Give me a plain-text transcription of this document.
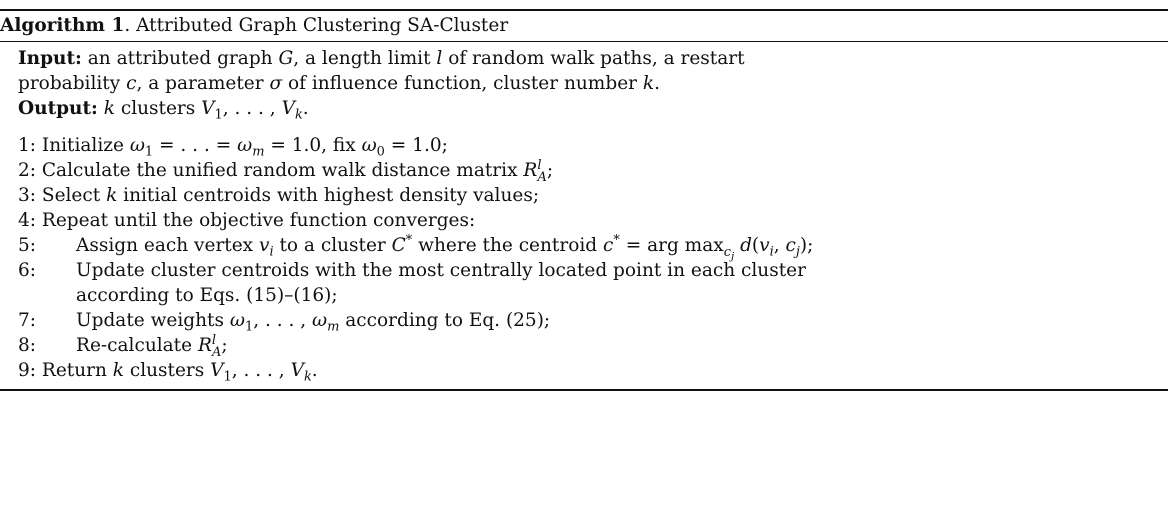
Algorithm 1. Attributed Graph Clustering SA-Cluster
Input: an attributed graph G, a length limit l of random walk paths, a restart
probability c, a parameter σ of influence function, cluster number k.
Output: k clusters $V_1$, . . . , $V_k$.
1: Initialize $\omega_1$ = . . . = $\omega_m = 1.0$, fix $\omega_0 = 1.0$;
2: Calculate the unified random walk distance matrix $R^l_A$;
3: Select k initial centroids with highest density values;
4: Repeat until the objective function converges:
5: Assign each vertex $v_i$ to a cluster C* where the centroid c* = arg $\max_{c_j} d(v_i$, $c_j$);
6: Update cluster centroids with the most centrally located point in each cluster
according to Eqs. (15)–(16);
7: Update weights $\omega_1$, . . . , $\omega_m$ according to Eq. (25);
8: Re-calculate $R^l_A$;
9: Return k clusters $V_1$, . . . , $V_k$.
